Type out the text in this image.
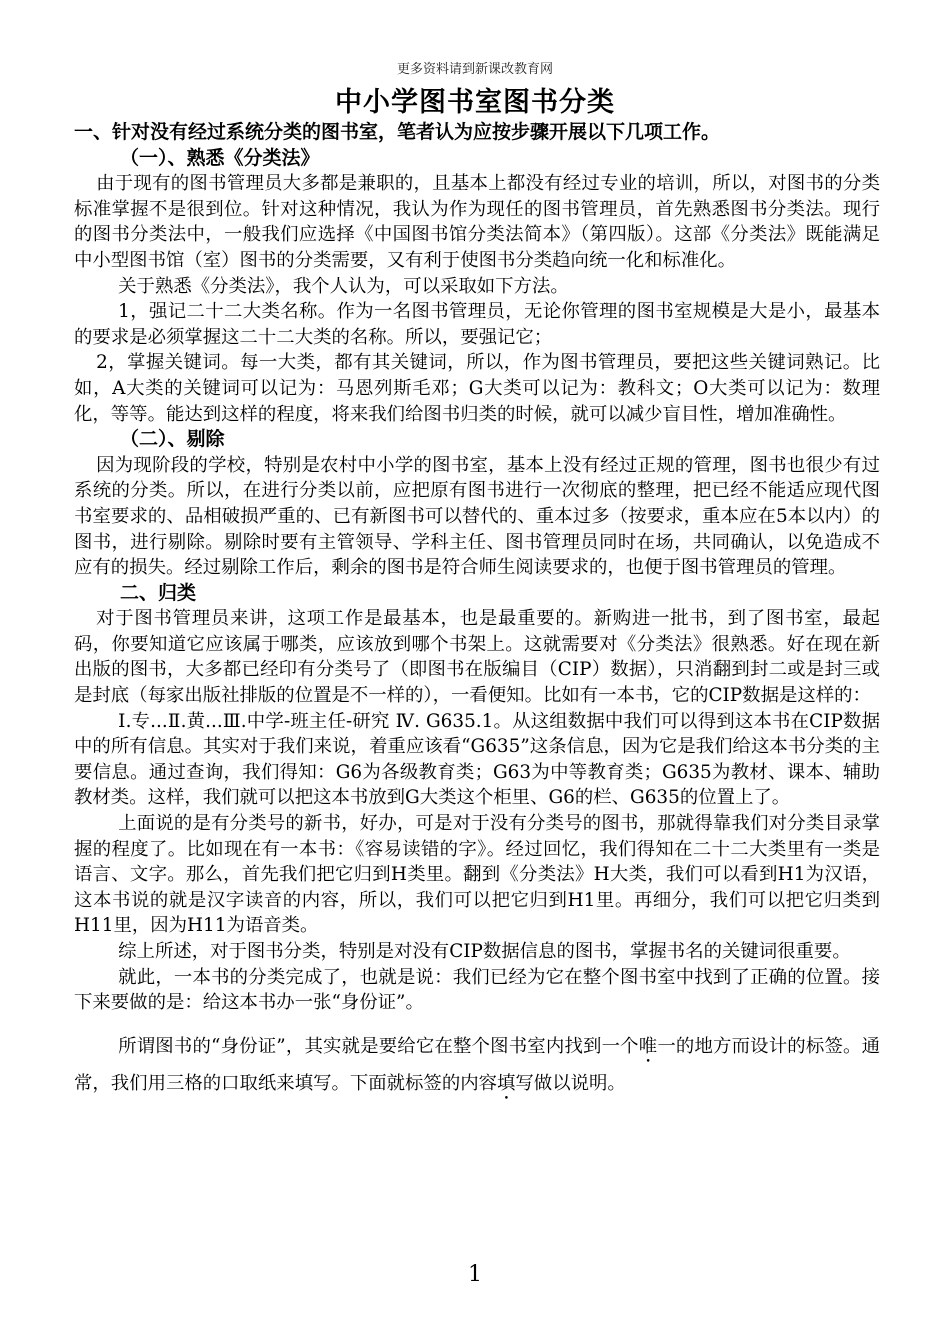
更多资料请到新课改教育网
中小学图书室图书分类
一、针对没有经过系统分类的图书室，笔者认为应按步骤开展以下几项工作。
（一）、熟悉《分类法》

由于现有的图书管理员大多都是兼职的，且基本上都没有经过专业的培训，所以，对图书的分类标准掌握不是很到位。针对这种情况，我认为作为现任的图书管理员，首先熟悉图书分类法。现行的图书分类法中，一般我们应选择《中国图书馆分类法简本》（第四版）。这部《分类法》既能满足中小型图书馆（室）图书的分类需要，又有利于使图书分类趋向统一化和标准化。

关于熟悉《分类法》，我个人认为，可以采取如下方法。

1，强记二十二大类名称。作为一名图书管理员，无论你管理的图书室规模是大是小，最基本的要求是必须掌握这二十二大类的名称。所以，要强记它；

2，掌握关键词。每一大类，都有其关键词，所以，作为图书管理员，要把这些关键词熟记。比如，A大类的关键词可以记为：马恩列斯毛邓；G大类可以记为：教科文；O大类可以记为：数理化，等等。能达到这样的程度，将来我们给图书归类的时候，就可以减少盲目性，增加准确性。

（二）、剔除

因为现阶段的学校，特别是农村中小学的图书室，基本上没有经过正规的管理，图书也很少有过系统的分类。所以，在进行分类以前，应把原有图书进行一次彻底的整理，把已经不能适应现代图书室要求的、品相破损严重的、已有新图书可以替代的、重本过多（按要求，重本应在5本以内）的图书，进行剔除。剔除时要有主管领导、学科主任、图书管理员同时在场，共同确认，以免造成不应有的损失。经过剔除工作后，剩余的图书是符合师生阅读要求的，也便于图书管理员的管理。

二、归类

对于图书管理员来讲，这项工作是最基本，也是最重要的。新购进一批书，到了图书室，最起码，你要知道它应该属于哪类，应该放到哪个书架上。这就需要对《分类法》很熟悉。好在现在新出版的图书，大多都已经印有分类号了（即图书在版编目（CIP）数据），只消翻到封二或是封三或是封底（每家出版社排版的位置是不一样的），一看便知。比如有一本书，它的CIP数据是这样的：

Ⅰ.专...Ⅱ.黄...Ⅲ.中学-班主任-研究 Ⅳ. G635.1。从这组数据中我们可以得到这本书在CIP数据中的所有信息。其实对于我们来说，着重应该看“G635”这条信息，因为它是我们给这本书分类的主要信息。通过查询，我们得知：G6为各级教育类；G63为中等教育类；G635为教材、课本、辅助教材类。这样，我们就可以把这本书放到G大类这个柜里、G6的栏、G635的位置上了。

上面说的是有分类号的新书，好办，可是对于没有分类号的图书，那就得靠我们对分类目录掌握的程度了。比如现在有一本书：《容易读错的字》。经过回忆，我们得知在二十二大类里有一类是语言、文字。那么，首先我们把它归到H类里。翻到《分类法》H大类，我们可以看到H1为汉语，这本书说的就是汉字读音的内容，所以，我们可以把它归到H1里。再细分，我们可以把它归类到H11里，因为H11为语音类。

综上所述，对于图书分类，特别是对没有CIP数据信息的图书，掌握书名的关键词很重要。

就此，一本书的分类完成了，也就是说：我们已经为它在整个图书室中找到了正确的位置。接下来要做的是：给这本书办一张“身份证”。

所谓图书的“身份证”，其实就是要给它在整个图书室内找到一个唯一的地方而设计的标签。通常，我们用三格的口取纸来填写。下面就标签的内容填写做以说明。

1
